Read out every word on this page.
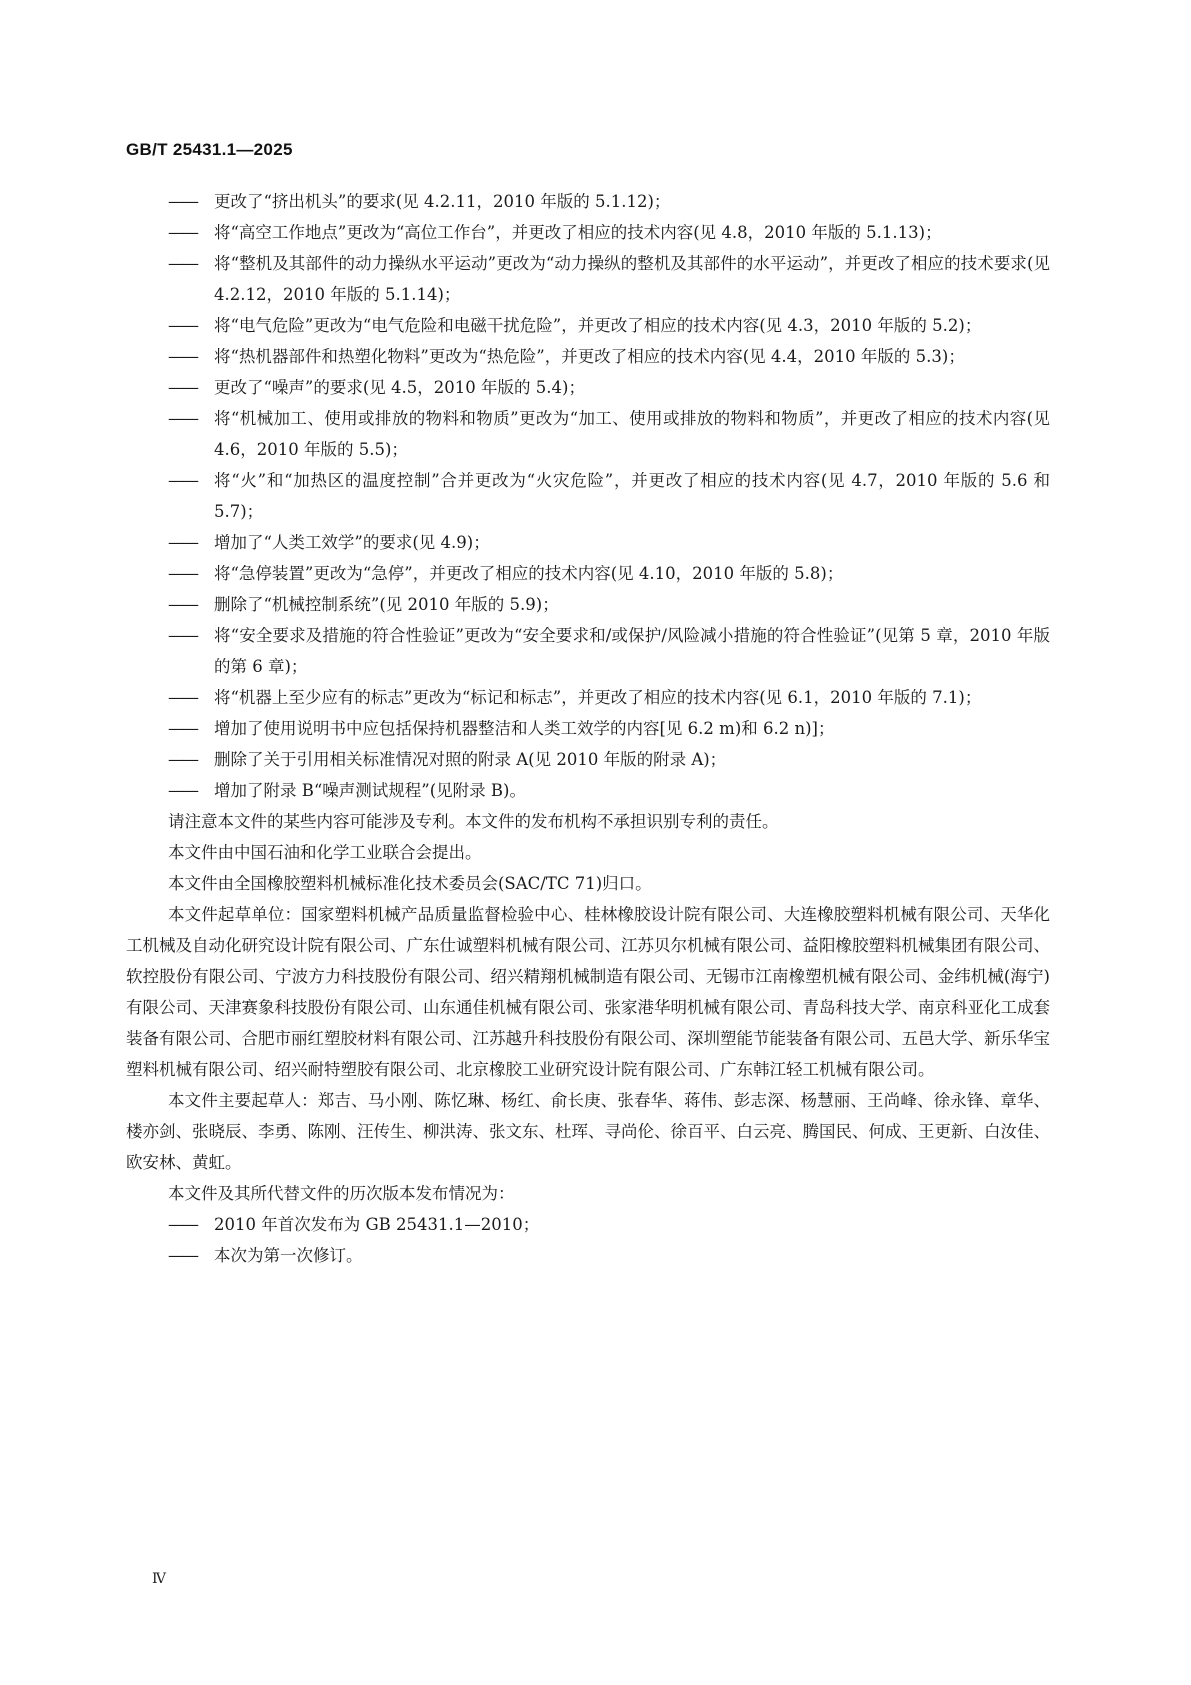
GB/T 25431.1—2025
——	更改了“挤出机头”的要求(见 4.2.11，2010 年版的 5.1.12)；
——	将“高空工作地点”更改为“高位工作台”，并更改了相应的技术内容(见 4.8，2010 年版的 5.1.13)；
——	将“整机及其部件的动力操纵水平运动”更改为“动力操纵的整机及其部件的水平运动”，并更改了相应的技术要求(见 4.2.12，2010 年版的 5.1.14)；
——	将“电气危险”更改为“电气危险和电磁干扰危险”，并更改了相应的技术内容(见 4.3，2010 年版的 5.2)；
——	将“热机器部件和热塑化物料”更改为“热危险”，并更改了相应的技术内容(见 4.4，2010 年版的 5.3)；
——	更改了“噪声”的要求(见 4.5，2010 年版的 5.4)；
——	将“机械加工、使用或排放的物料和物质”更改为“加工、使用或排放的物料和物质”，并更改了相应的技术内容(见 4.6，2010 年版的 5.5)；
——	将“火”和“加热区的温度控制”合并更改为“火灾危险”，并更改了相应的技术内容(见 4.7，2010 年版的 5.6 和 5.7)；
——	增加了“人类工效学”的要求(见 4.9)；
——	将“急停装置”更改为“急停”，并更改了相应的技术内容(见 4.10，2010 年版的 5.8)；
——	删除了“机械控制系统”(见 2010 年版的 5.9)；
——	将“安全要求及措施的符合性验证”更改为“安全要求和/或保护/风险减小措施的符合性验证”(见第 5 章，2010 年版的第 6 章)；
——	将“机器上至少应有的标志”更改为“标记和标志”，并更改了相应的技术内容(见 6.1，2010 年版的 7.1)；
——	增加了使用说明书中应包括保持机器整洁和人类工效学的内容[见 6.2 m)和 6.2 n)]；
——	删除了关于引用相关标准情况对照的附录 A(见 2010 年版的附录 A)；
——	增加了附录 B“噪声测试规程”(见附录 B)。
请注意本文件的某些内容可能涉及专利。本文件的发布机构不承担识别专利的责任。
本文件由中国石油和化学工业联合会提出。
本文件由全国橡胶塑料机械标准化技术委员会(SAC/TC 71)归口。
本文件起草单位：国家塑料机械产品质量监督检验中心、桂林橡胶设计院有限公司、大连橡胶塑料机械有限公司、天华化工机械及自动化研究设计院有限公司、广东仕诚塑料机械有限公司、江苏贝尔机械有限公司、益阳橡胶塑料机械集团有限公司、软控股份有限公司、宁波方力科技股份有限公司、绍兴精翔机械制造有限公司、无锡市江南橡塑机械有限公司、金纬机械(海宁)有限公司、天津赛象科技股份有限公司、山东通佳机械有限公司、张家港华明机械有限公司、青岛科技大学、南京科亚化工成套装备有限公司、合肥市丽红塑胶材料有限公司、江苏越升科技股份有限公司、深圳塑能节能装备有限公司、五邑大学、新乐华宝塑料机械有限公司、绍兴耐特塑胶有限公司、北京橡胶工业研究设计院有限公司、广东韩江轻工机械有限公司。
本文件主要起草人：郑吉、马小刚、陈忆琳、杨红、俞长庚、张春华、蒋伟、彭志深、杨慧丽、王尚峰、徐永锋、章华、楼亦剑、张晓辰、李勇、陈刚、汪传生、柳洪涛、张文东、杜珲、寻尚伦、徐百平、白云亮、腾国民、何成、王更新、白汝佳、欧安林、黄虹。
本文件及其所代替文件的历次版本发布情况为：
——	2010 年首次发布为 GB 25431.1—2010；
——	本次为第一次修订。
Ⅳ
